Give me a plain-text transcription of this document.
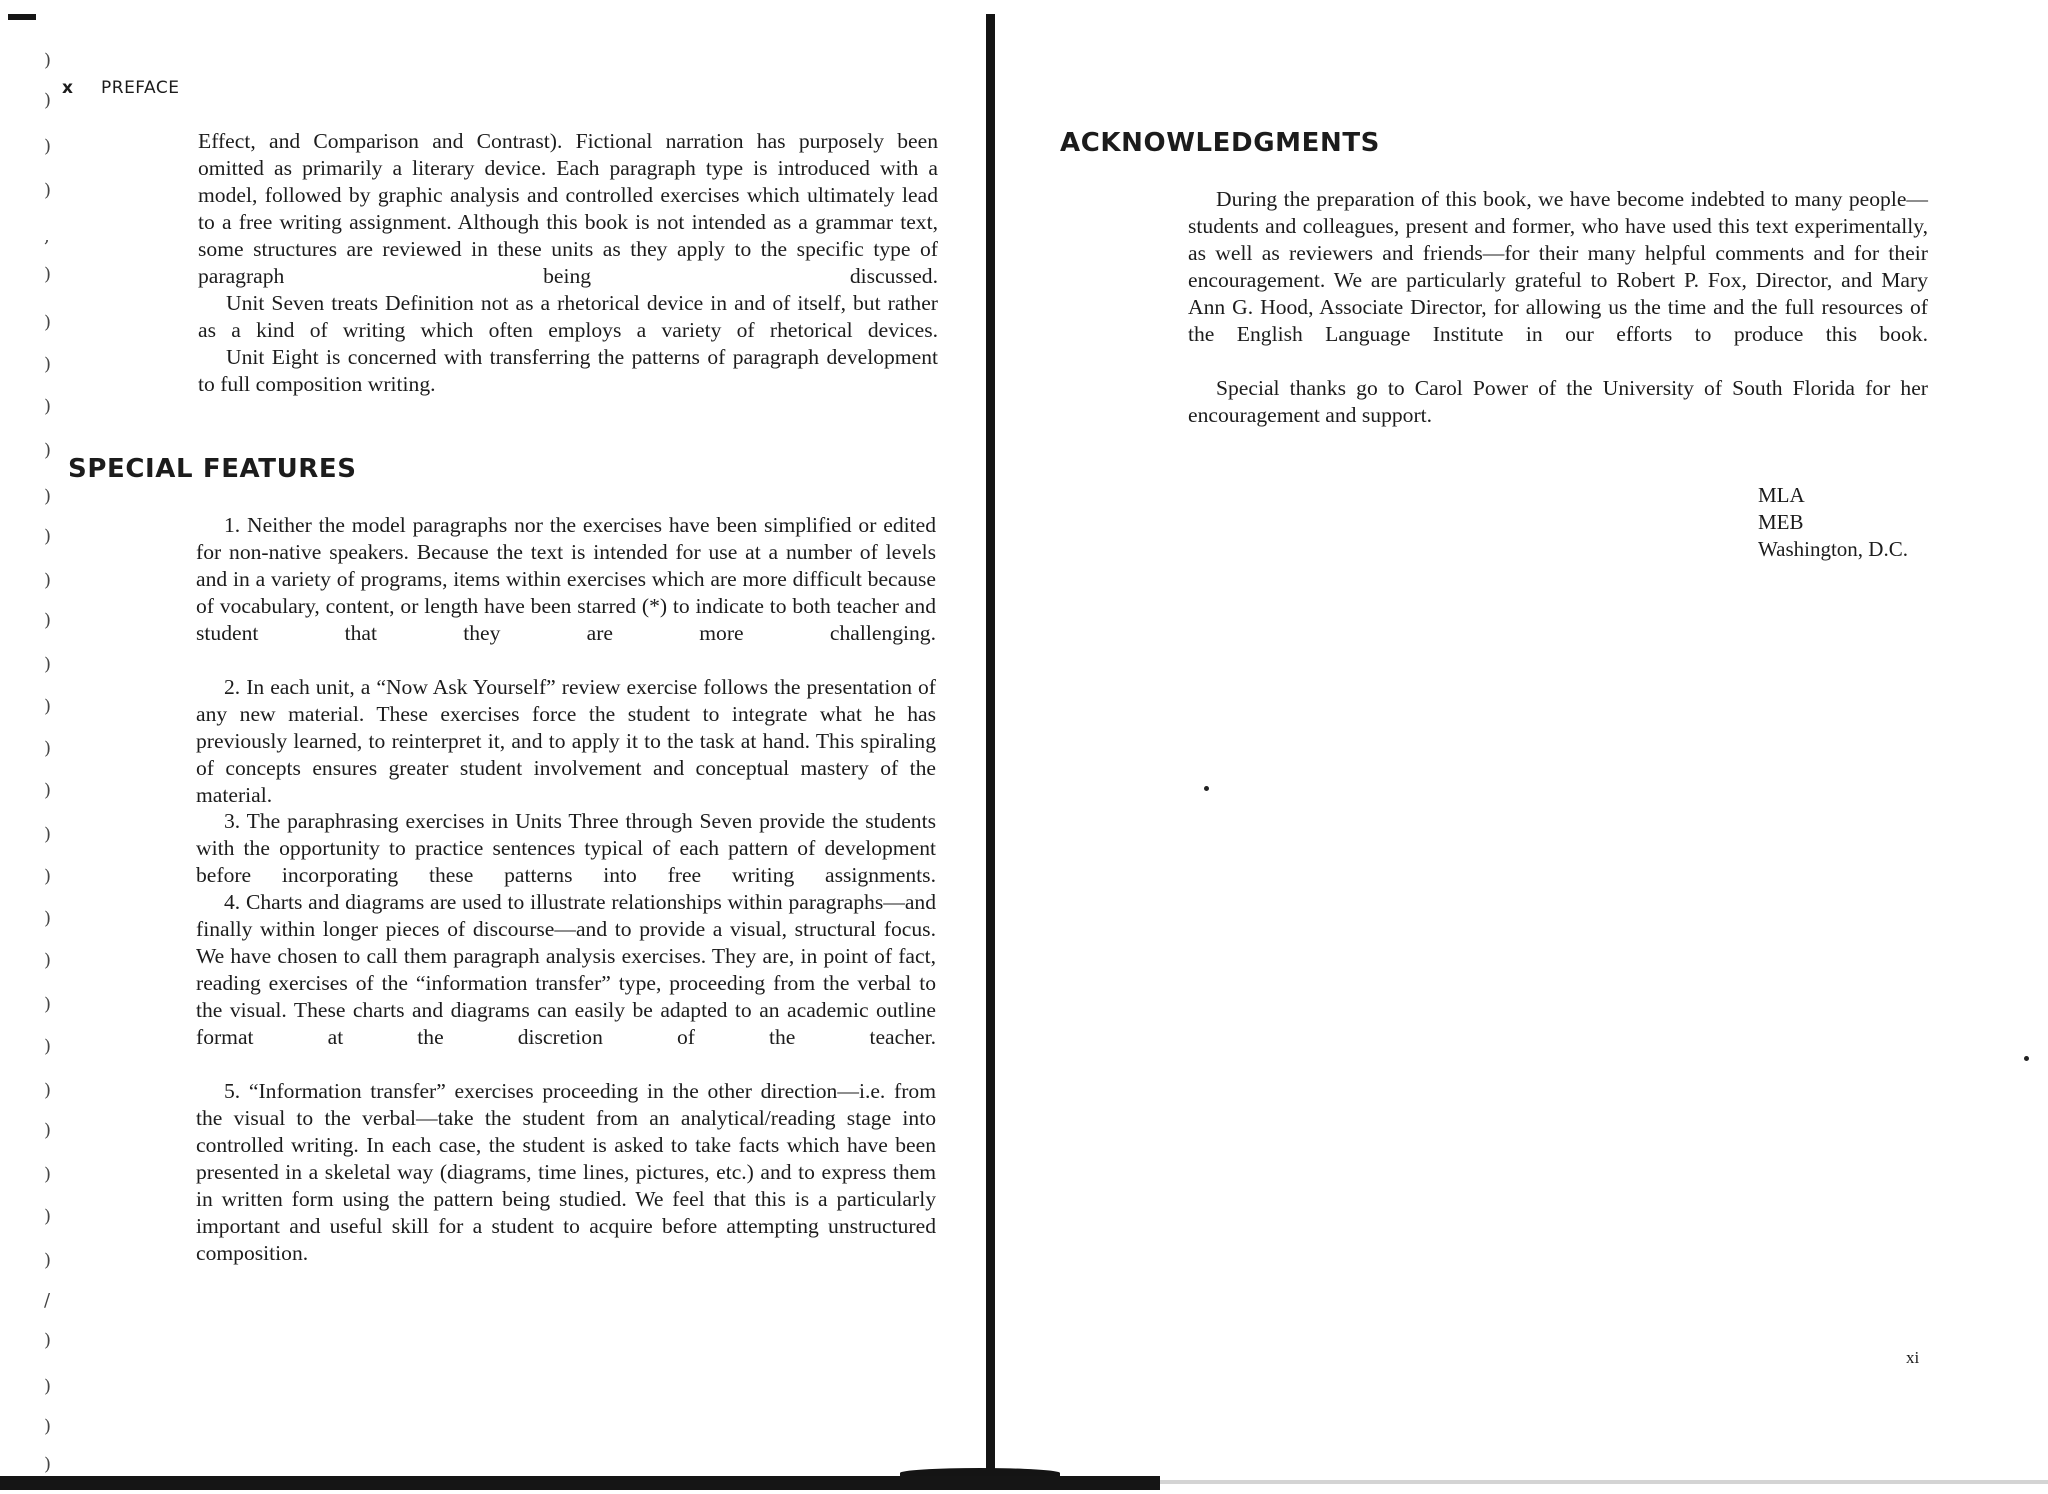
)
)
)
)
,
)
)
)
)
)
)
)
)
)
)
)
)
)
)
)
)
)
)
)
)
)
)
)
)
/
)
)
)
)
x PREFACE

Effect, and Comparison and Contrast). Fictional narration has purposely been omitted as primarily a literary device. Each paragraph type is introduced with a model, followed by graphic analysis and controlled exercises which ultimately lead to a free writing assignment. Although this book is not intended as a grammar text, some structures are reviewed in these units as they apply to the specific type of paragraph being discussed.

Unit Seven treats Definition not as a rhetorical device in and of itself, but rather as a kind of writing which often employs a variety of rhetorical devices.

Unit Eight is concerned with transferring the patterns of paragraph development to full composition writing.

SPECIAL FEATURES

1. Neither the model paragraphs nor the exercises have been simplified or edited for non-native speakers. Because the text is intended for use at a number of levels and in a variety of programs, items within exercises which are more difficult because of vocabulary, content, or length have been starred (*) to indicate to both teacher and student that they are more challenging.

2. In each unit, a “Now Ask Yourself” review exercise follows the presentation of any new material. These exercises force the student to integrate what he has previously learned, to reinterpret it, and to apply it to the task at hand. This spiraling of concepts ensures greater student involvement and conceptual mastery of the material.

3. The paraphrasing exercises in Units Three through Seven provide the students with the opportunity to practice sentences typical of each pattern of development before incorporating these patterns into free writing assignments.

4. Charts and diagrams are used to illustrate relationships within paragraphs—and finally within longer pieces of discourse—and to provide a visual, structural focus. We have chosen to call them paragraph analysis exercises. They are, in point of fact, reading exercises of the “information transfer” type, proceeding from the verbal to the visual. These charts and diagrams can easily be adapted to an academic outline format at the discretion of the teacher.

5. “Information transfer” exercises proceeding in the other direction—i.e. from the visual to the verbal—take the student from an analytical/reading stage into controlled writing. In each case, the student is asked to take facts which have been presented in a skeletal way (diagrams, time lines, pictures, etc.) and to express them in written form using the pattern being studied. We feel that this is a particularly important and useful skill for a student to acquire before attempting unstructured composition.

ACKNOWLEDGMENTS

During the preparation of this book, we have become indebted to many people—students and colleagues, present and former, who have used this text experimentally, as well as reviewers and friends—for their many helpful comments and for their encouragement. We are particularly grateful to Robert P. Fox, Director, and Mary Ann G. Hood, Associate Director, for allowing us the time and the full resources of the English Language Institute in our efforts to produce this book.

Special thanks go to Carol Power of the University of South Florida for her encouragement and support.

MLA
MEB
Washington, D.C.
xi
